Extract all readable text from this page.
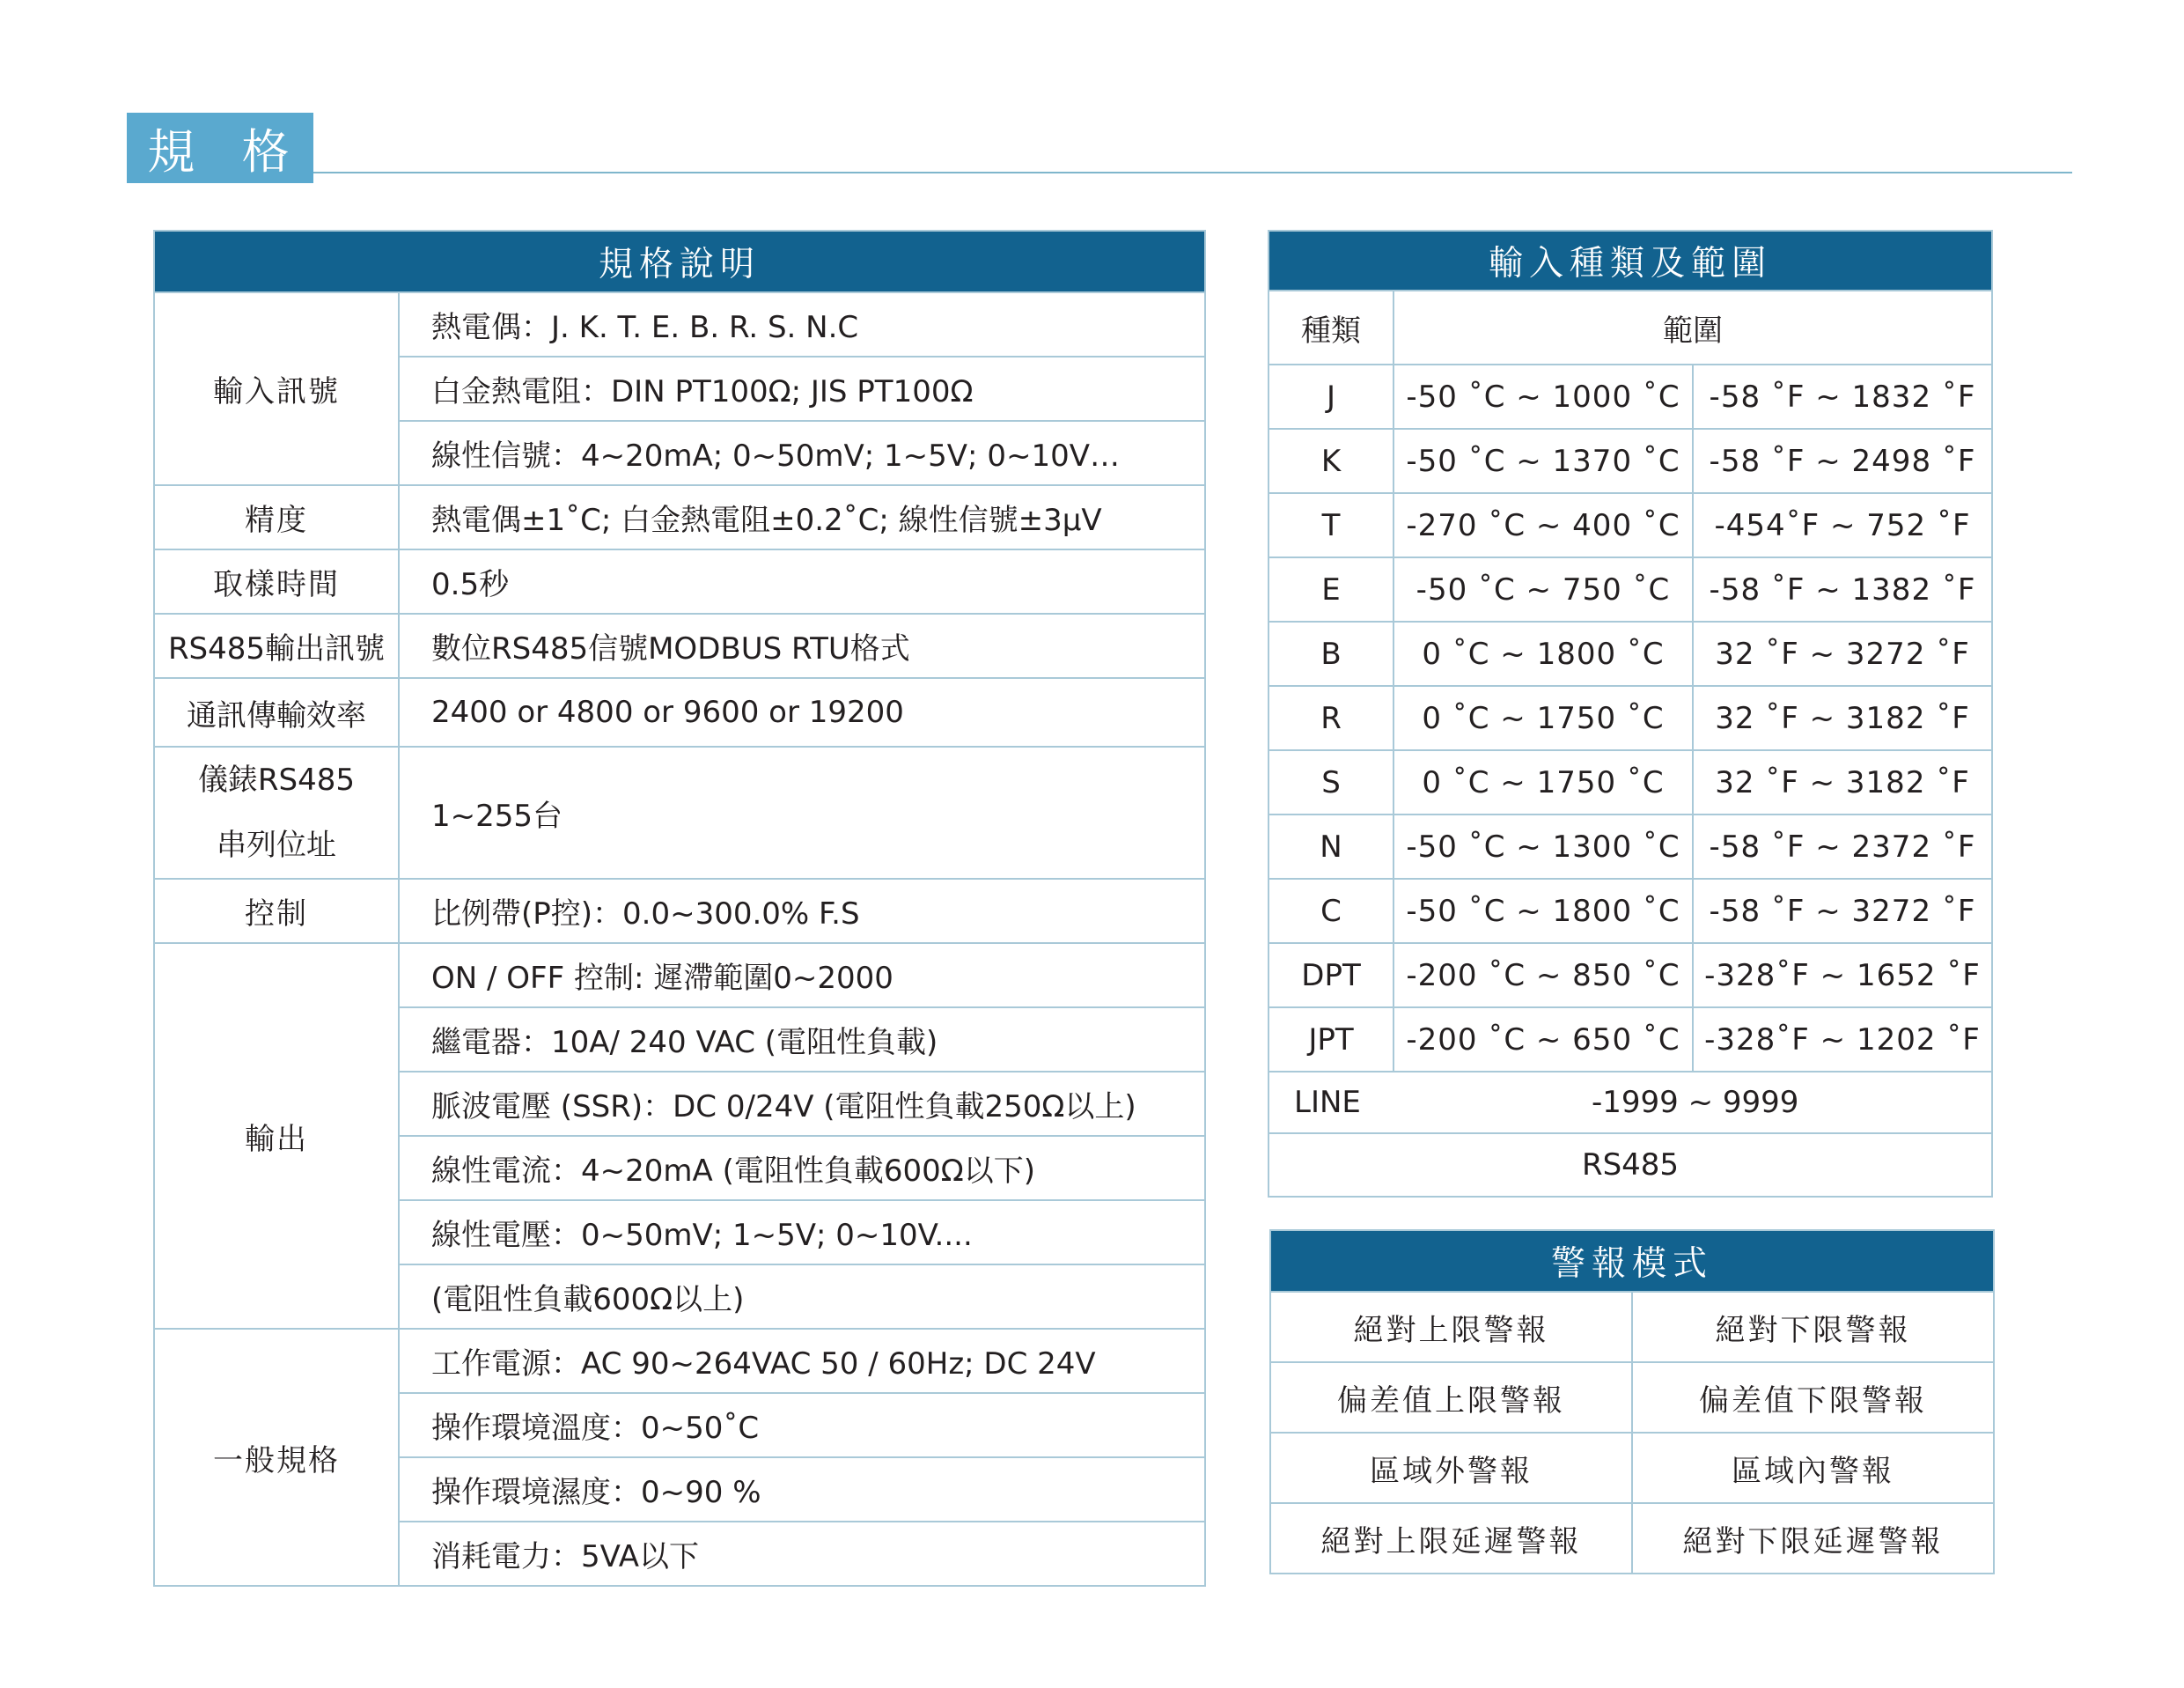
規 格
規格說明	
輸入訊號	熱電偶：J. K. T. E. B. R. S. N.C
	白金熱電阻：DIN PT100Ω; JIS PT100Ω
	線性信號：4~20mA; 0~50mV; 1~5V; 0~10V…
精度	熱電偶±1˚C; 白金熱電阻±0.2˚C; 線性信號±3μV
取樣時間	0.5秒
RS485輸出訊號	數位RS485信號MODBUS RTU格式
通訊傳輸效率	2400 or 4800 or 9600 or 19200

儀錶RS485
串列位址	1~255台
控制	比例帶(P控)：0.0~300.0% F.S
輸出	ON / OFF 控制: 遲滯範圍0~2000
	繼電器：10A/ 240 VAC (電阻性負載)
	脈波電壓 (SSR)：DC 0/24V (電阻性負載250Ω以上)
	線性電流：4~20mA (電阻性負載600Ω以下)
	線性電壓：0~50mV; 1~5V; 0~10V....
	(電阻性負載600Ω以上)
一般規格	工作電源：AC 90~264VAC 50 / 60Hz; DC 24V
	操作環境溫度：0~50˚C
	操作環境濕度：0~90 %
	消耗電力：5VA以下
輸入種類及範圍		
種類	範圍	
J	-50 ˚C ~ 1000 ˚C	-58 ˚F ~ 1832 ˚F
K	-50 ˚C ~ 1370 ˚C	-58 ˚F ~ 2498 ˚F
T	-270 ˚C ~ 400 ˚C	-454˚F ~ 752 ˚F
E	-50 ˚C ~ 750 ˚C	-58 ˚F ~ 1382 ˚F
B	0 ˚C ~ 1800 ˚C	32 ˚F ~ 3272 ˚F
R	0 ˚C ~ 1750 ˚C	32 ˚F ~ 3182 ˚F
S	0 ˚C ~ 1750 ˚C	32 ˚F ~ 3182 ˚F
N	-50 ˚C ~ 1300 ˚C	-58 ˚F ~ 2372 ˚F
C	-50 ˚C ~ 1800 ˚C	-58 ˚F ~ 3272 ˚F
DPT	-200 ˚C ~ 850 ˚C	-328˚F ~ 1652 ˚F
JPT	-200 ˚C ~ 650 ˚C	-328˚F ~ 1202 ˚F

LINE -1999 ~ 9999		

RS485		
警報模式	
絕對上限警報	絕對下限警報
偏差值上限警報	偏差值下限警報
區域外警報	區域內警報
絕對上限延遲警報	絕對下限延遲警報
